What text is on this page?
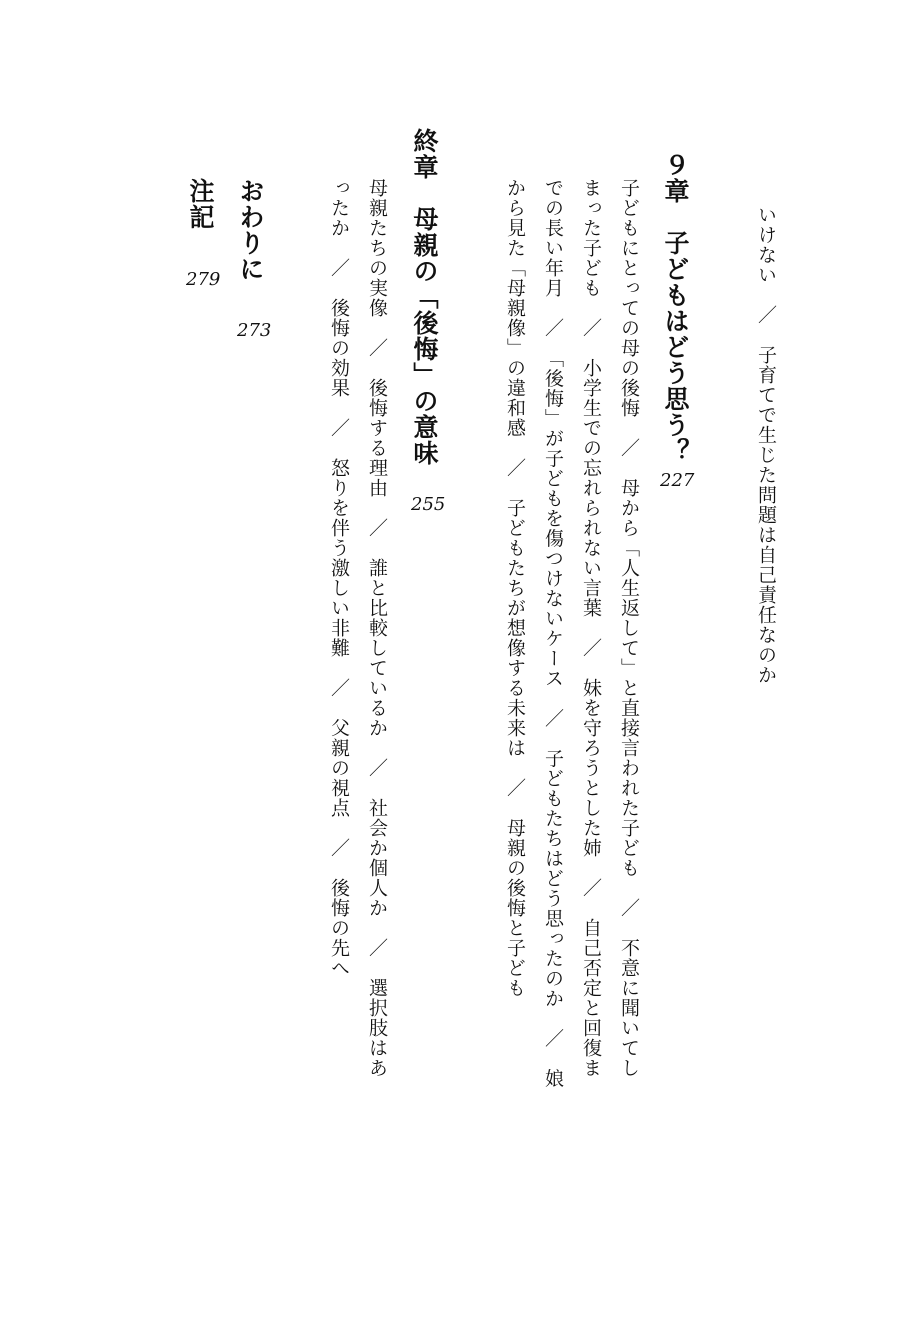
いけない　／　子育てで生じた問題は自己責任なのか
９章　子どもはどう思う？
227
子どもにとっての母の後悔　／　母から「人生返して」と直接言われた子ども　／　不意に聞いてし
まった子ども　／　小学生での忘れられない言葉　／　妹を守ろうとした姉　／　自己否定と回復ま
での長い年月　／　「後悔」が子どもを傷つけないケース　／　子どもたちはどう思ったのか　／　娘
から見た「母親像」の違和感　／　子どもたちが想像する未来は　／　母親の後悔と子ども
終章　母親の「後悔」の意味
255
母親たちの実像　／　後悔する理由　／　誰と比較しているか　／　社会か個人か　／　選択肢はあ
ったか　／　後悔の効果　／　怒りを伴う激しい非難　／　父親の視点　／　後悔の先へ
おわりに
273
注記
279
